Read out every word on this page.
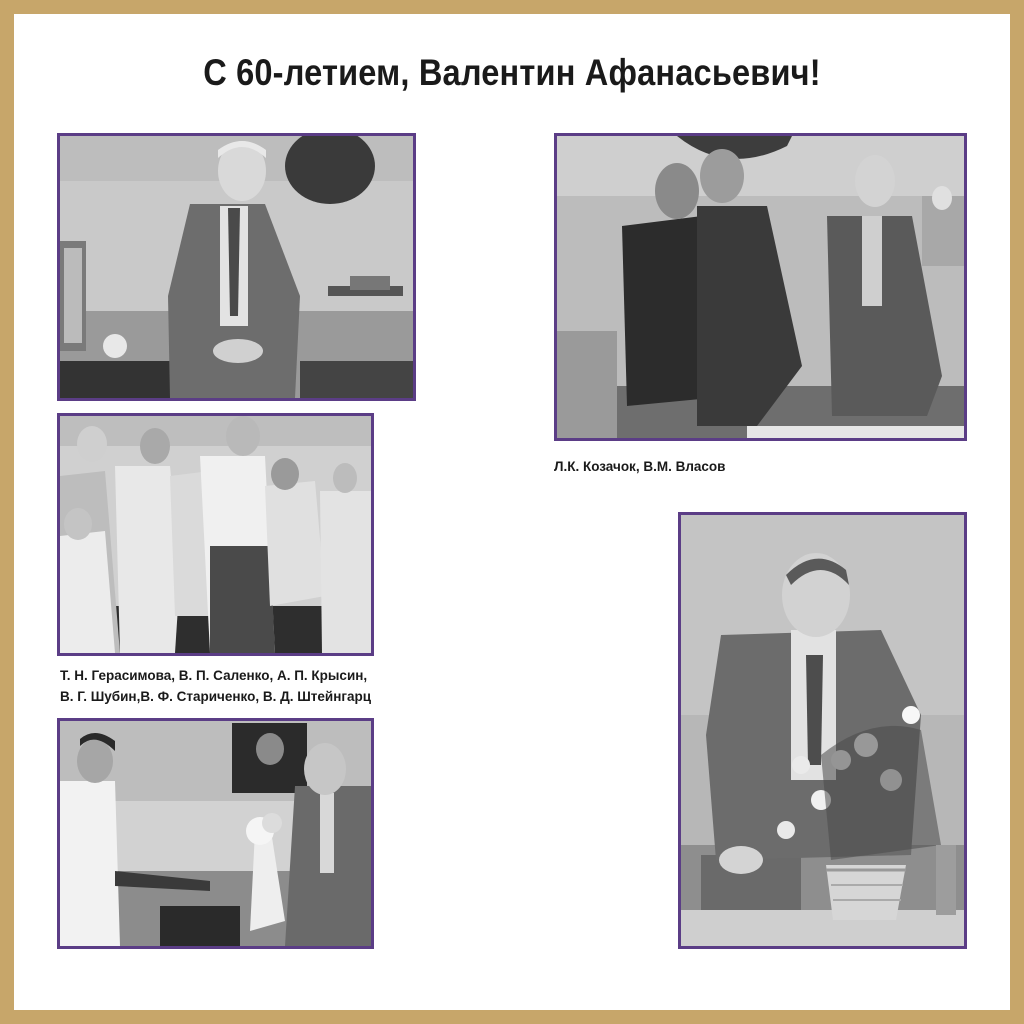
С 60-летием, Валентин Афанасьевич!
Л.К. Козачок, В.М. Власов
Т. Н. Герасимова, В. П. Саленко, А. П. Крысин,
В. Г. Шубин,В. Ф. Стариченко, В. Д. Штейнгарц
